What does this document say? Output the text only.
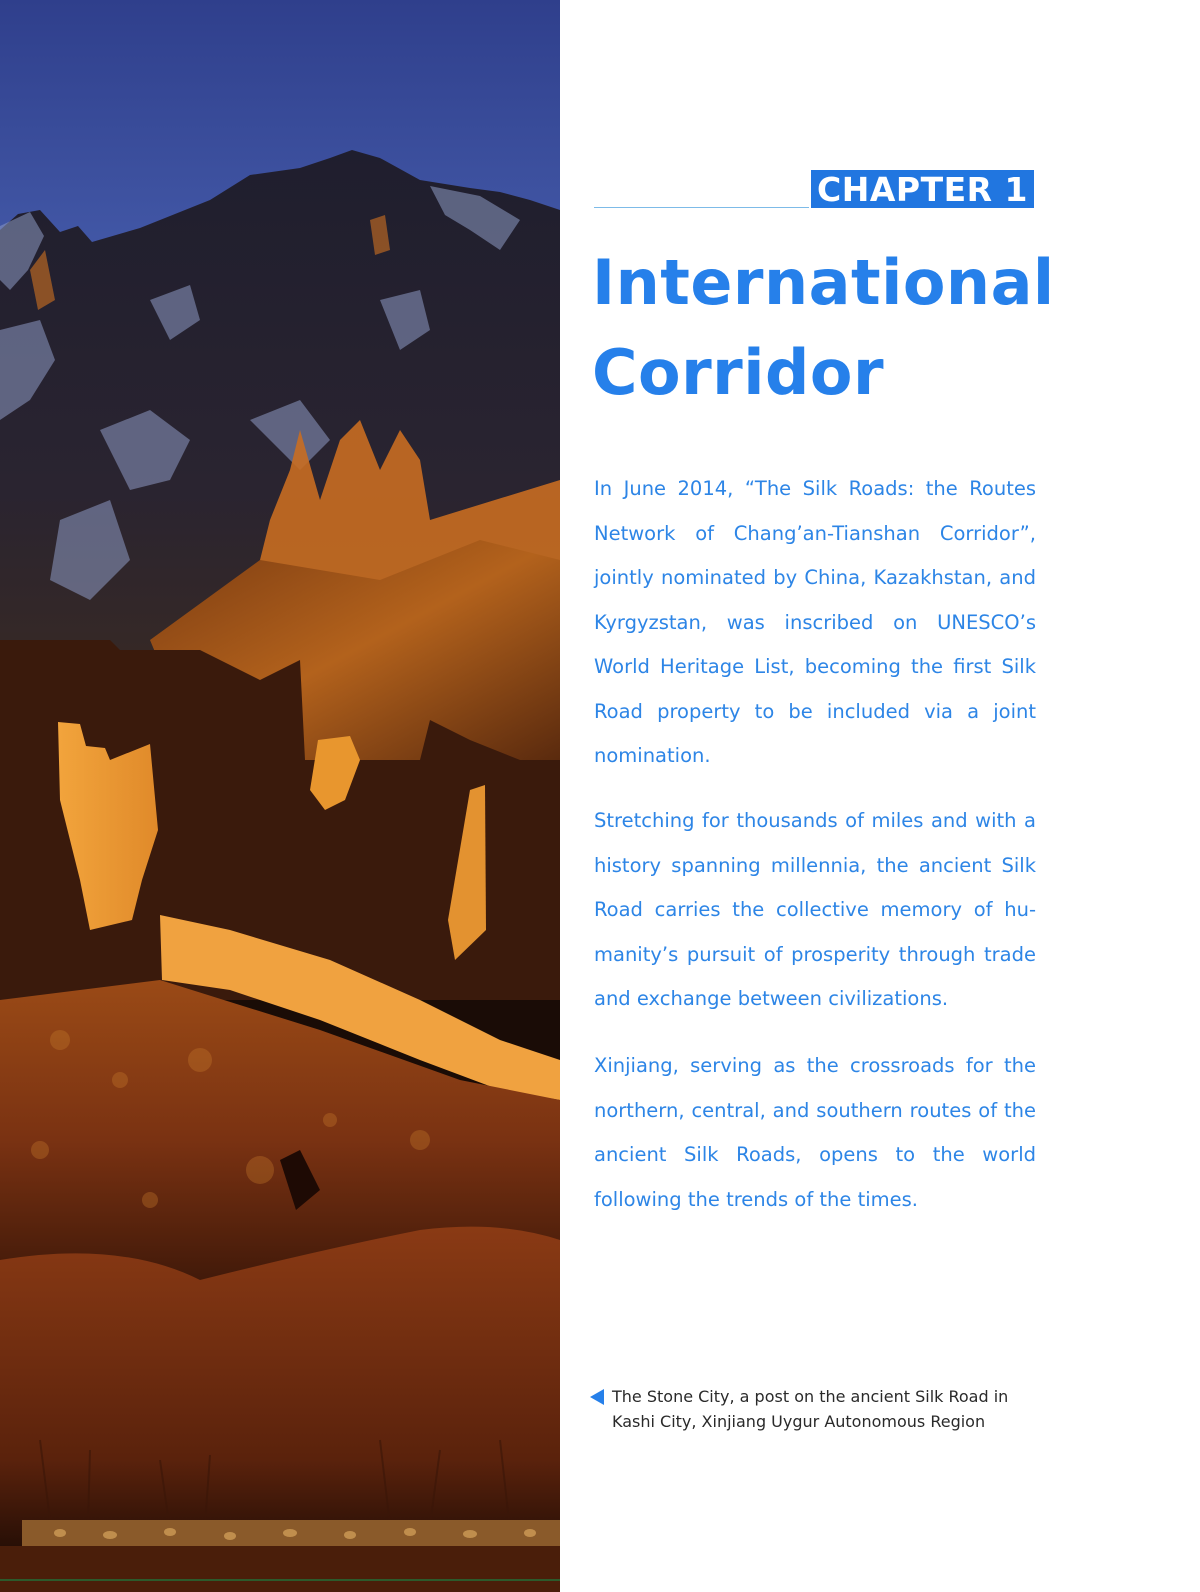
CHAPTER 1
International
Corridor

In June 2014, “The Silk Roads: the Routes Network of Chang’an-Tianshan Corridor”, jointly nominated by China, Kazakhstan, and Kyrgyzstan, was inscribed on UNESCO’s World Heritage List, becoming the first Silk Road property to be included via a joint nomination.

Stretching for thousands of miles and with a history spanning millennia, the ancient Silk Road carries the collective memory of hu-manity’s pursuit of prosperity through trade and exchange between civilizations.

Xinjiang, serving as the crossroads for the northern, central, and southern routes of the ancient Silk Roads, opens to the world following the trends of the times.

The Stone City, a post on the ancient Silk Road in
Kashi City, Xinjiang Uygur Autonomous Region
